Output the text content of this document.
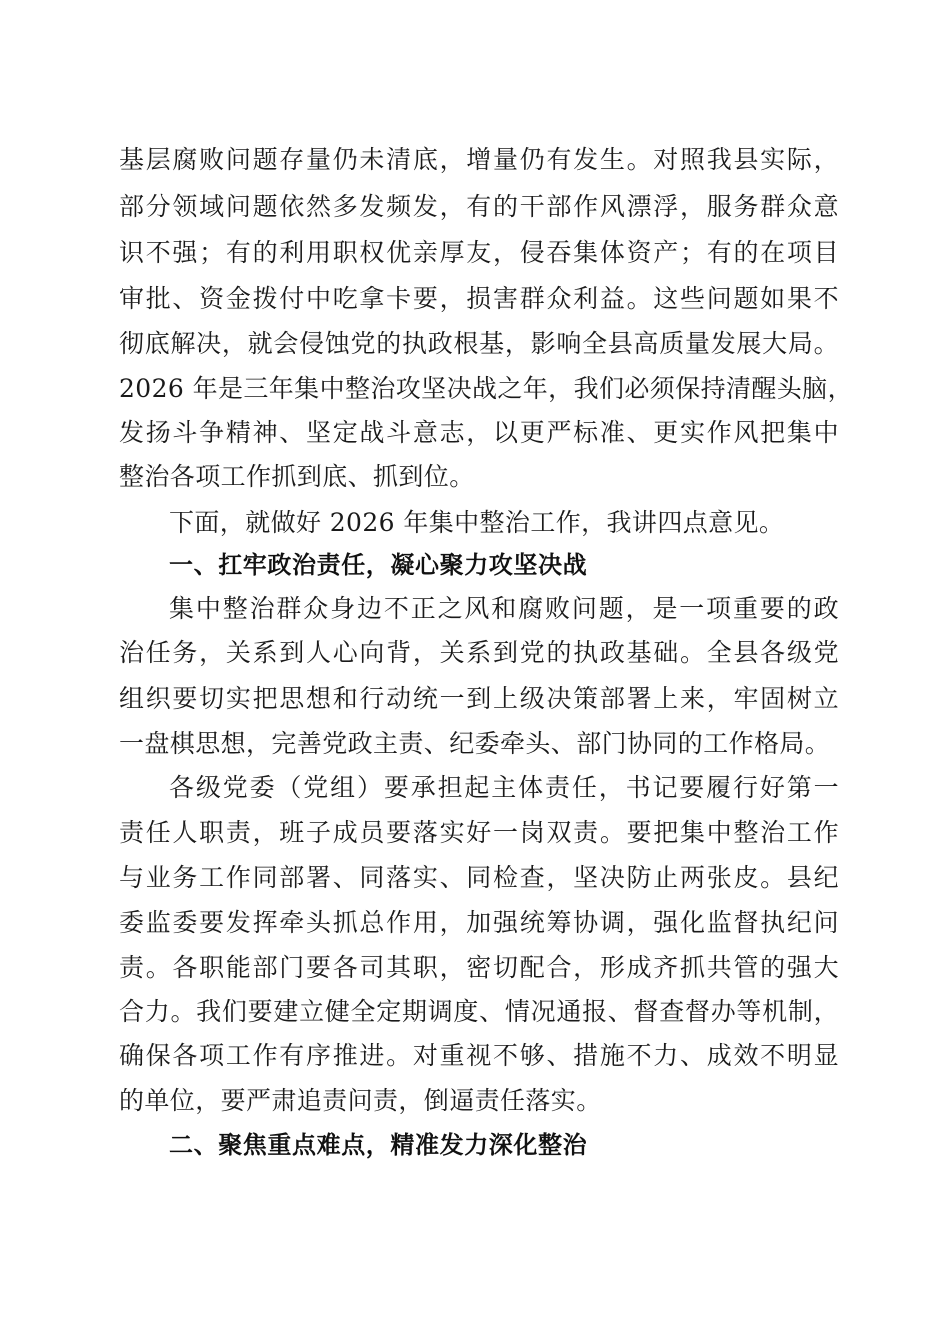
基层腐败问题存量仍未清底，增量仍有发生。对照我县实际，
部分领域问题依然多发频发，有的干部作风漂浮，服务群众意
识不强；有的利用职权优亲厚友，侵吞集体资产；有的在项目
审批、资金拨付中吃拿卡要，损害群众利益。这些问题如果不
彻底解决，就会侵蚀党的执政根基，影响全县高质量发展大局。
2026 年是三年集中整治攻坚决战之年，我们必须保持清醒头脑，
发扬斗争精神、坚定战斗意志，以更严标准、更实作风把集中
整治各项工作抓到底、抓到位。
下面，就做好 2026 年集中整治工作，我讲四点意见。
一、扛牢政治责任，凝心聚力攻坚决战
集中整治群众身边不正之风和腐败问题，是一项重要的政
治任务，关系到人心向背，关系到党的执政基础。全县各级党
组织要切实把思想和行动统一到上级决策部署上来，牢固树立
一盘棋思想，完善党政主责、纪委牵头、部门协同的工作格局。
各级党委（党组）要承担起主体责任，书记要履行好第一
责任人职责，班子成员要落实好一岗双责。要把集中整治工作
与业务工作同部署、同落实、同检查，坚决防止两张皮。县纪
委监委要发挥牵头抓总作用，加强统筹协调，强化监督执纪问
责。各职能部门要各司其职，密切配合，形成齐抓共管的强大
合力。我们要建立健全定期调度、情况通报、督查督办等机制，
确保各项工作有序推进。对重视不够、措施不力、成效不明显
的单位，要严肃追责问责，倒逼责任落实。
二、聚焦重点难点，精准发力深化整治
